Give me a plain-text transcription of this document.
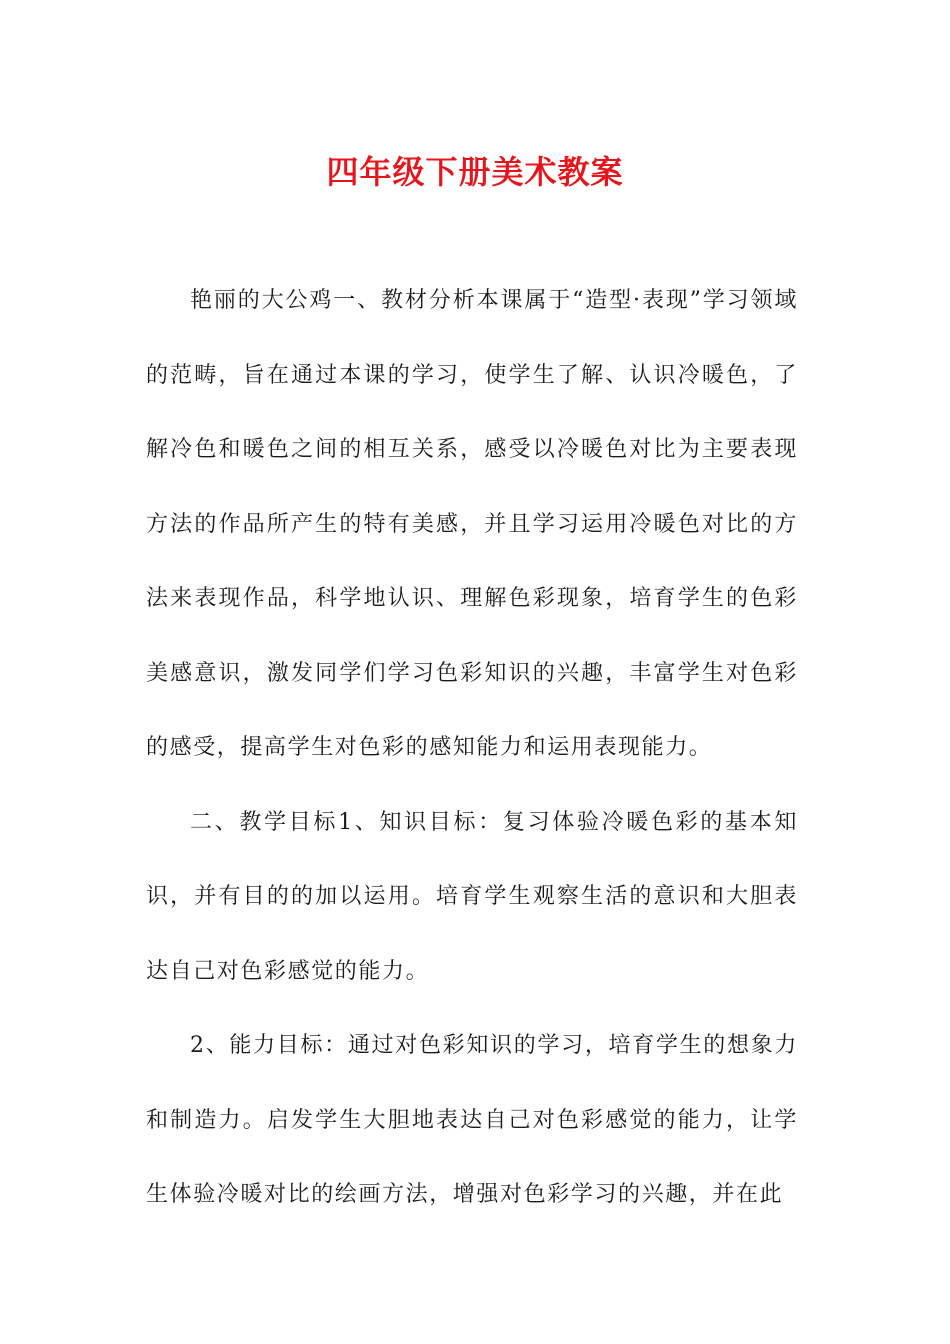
四年级下册美术教案

艳丽的大公鸡一、教材分析本课属于“造型·表现”学习领域的范畴，旨在通过本课的学习，使学生了解、认识冷暖色，了解冷色和暖色之间的相互关系，感受以冷暖色对比为主要表现方法的作品所产生的特有美感，并且学习运用冷暖色对比的方法来表现作品，科学地认识、理解色彩现象，培育学生的色彩美感意识，激发同学们学习色彩知识的兴趣，丰富学生对色彩的感受，提高学生对色彩的感知能力和运用表现能力。

二、教学目标1、知识目标：复习体验冷暖色彩的基本知识，并有目的的加以运用。培育学生观察生活的意识和大胆表达自己对色彩感觉的能力。

2、能力目标：通过对色彩知识的学习，培育学生的想象力和制造力。启发学生大胆地表达自己对色彩感觉的能力，让学生体验冷暖对比的绘画方法，增强对色彩学习的兴趣，并在此
